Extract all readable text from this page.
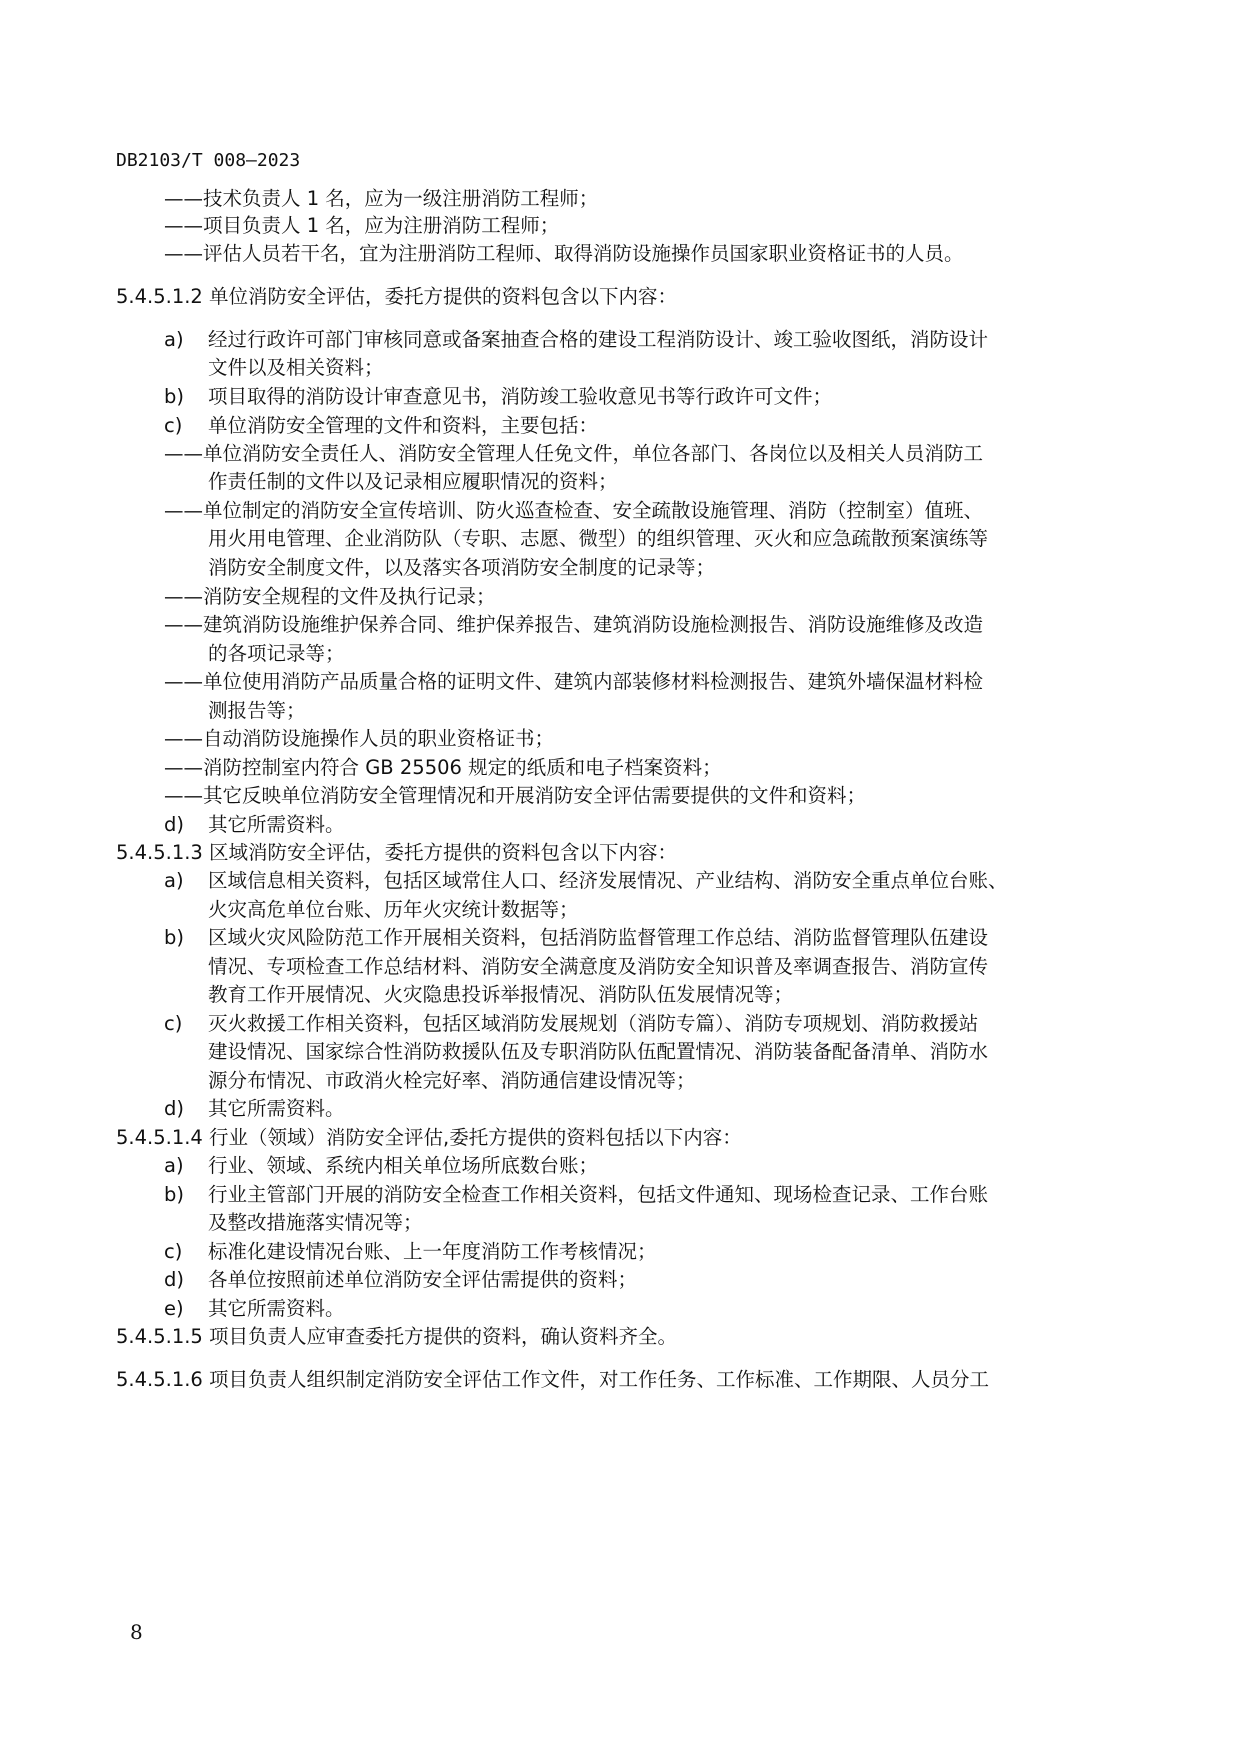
DB2103/T 008—2023
——技术负责人 1 名，应为一级注册消防工程师；
——项目负责人 1 名，应为注册消防工程师；
——评估人员若干名，宜为注册消防工程师、取得消防设施操作员国家职业资格证书的人员。
5.4.5.1.2 单位消防安全评估，委托方提供的资料包含以下内容：
a) 经过行政许可部门审核同意或备案抽查合格的建设工程消防设计、竣工验收图纸，消防设计
文件以及相关资料；
b) 项目取得的消防设计审查意见书，消防竣工验收意见书等行政许可文件；
c) 单位消防安全管理的文件和资料，主要包括：
——单位消防安全责任人、消防安全管理人任免文件，单位各部门、各岗位以及相关人员消防工
作责任制的文件以及记录相应履职情况的资料；
——单位制定的消防安全宣传培训、防火巡查检查、安全疏散设施管理、消防（控制室）值班、
用火用电管理、企业消防队（专职、志愿、微型）的组织管理、灭火和应急疏散预案演练等
消防安全制度文件，以及落实各项消防安全制度的记录等；
——消防安全规程的文件及执行记录；
——建筑消防设施维护保养合同、维护保养报告、建筑消防设施检测报告、消防设施维修及改造
的各项记录等；
——单位使用消防产品质量合格的证明文件、建筑内部装修材料检测报告、建筑外墙保温材料检
测报告等；
——自动消防设施操作人员的职业资格证书；
——消防控制室内符合 GB 25506 规定的纸质和电子档案资料；
——其它反映单位消防安全管理情况和开展消防安全评估需要提供的文件和资料；
d) 其它所需资料。
5.4.5.1.3 区域消防安全评估，委托方提供的资料包含以下内容：
a) 区域信息相关资料，包括区域常住人口、经济发展情况、产业结构、消防安全重点单位台账、
火灾高危单位台账、历年火灾统计数据等；
b) 区域火灾风险防范工作开展相关资料，包括消防监督管理工作总结、消防监督管理队伍建设
情况、专项检查工作总结材料、消防安全满意度及消防安全知识普及率调查报告、消防宣传
教育工作开展情况、火灾隐患投诉举报情况、消防队伍发展情况等；
c) 灭火救援工作相关资料，包括区域消防发展规划（消防专篇）、消防专项规划、消防救援站
建设情况、国家综合性消防救援队伍及专职消防队伍配置情况、消防装备配备清单、消防水
源分布情况、市政消火栓完好率、消防通信建设情况等；
d) 其它所需资料。
5.4.5.1.4 行业（领域）消防安全评估,委托方提供的资料包括以下内容：
a) 行业、领域、系统内相关单位场所底数台账；
b) 行业主管部门开展的消防安全检查工作相关资料，包括文件通知、现场检查记录、工作台账
及整改措施落实情况等；
c) 标准化建设情况台账、上一年度消防工作考核情况；
d) 各单位按照前述单位消防安全评估需提供的资料；
e) 其它所需资料。
5.4.5.1.5 项目负责人应审查委托方提供的资料，确认资料齐全。
5.4.5.1.6 项目负责人组织制定消防安全评估工作文件，对工作任务、工作标准、工作期限、人员分工
8
